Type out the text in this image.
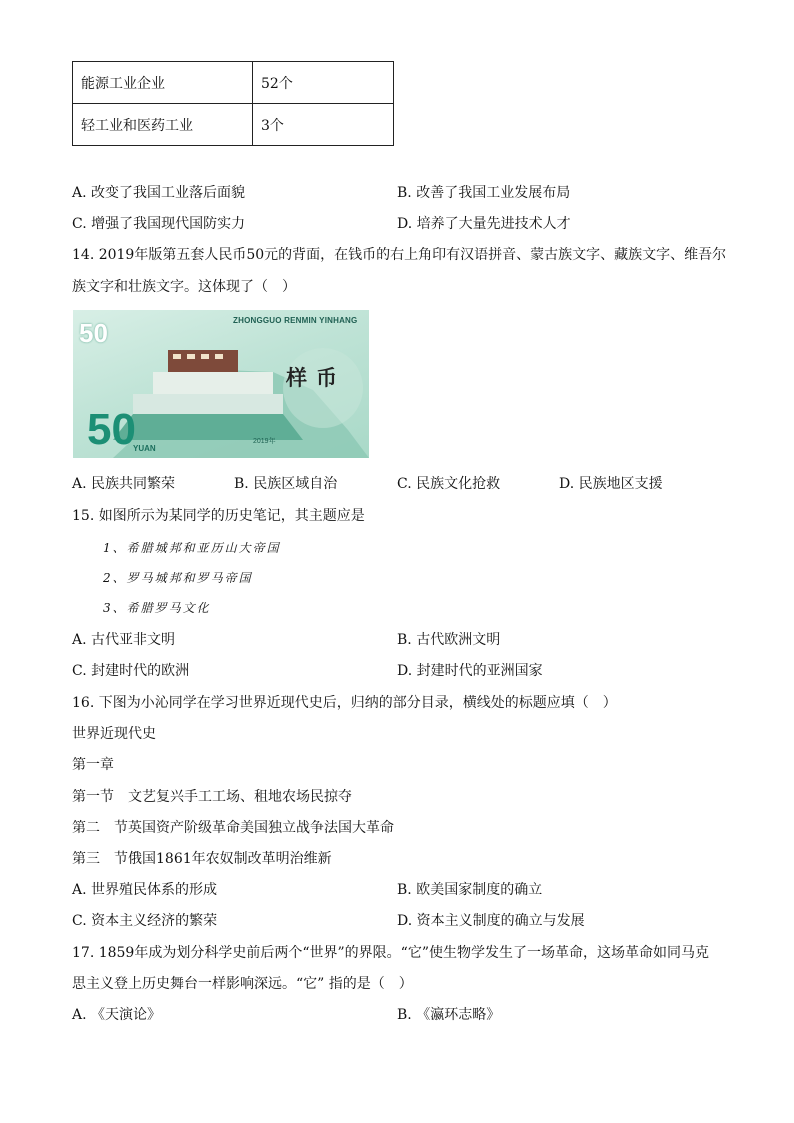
能源工业企业	52个
轻工业和医药工业	3个
A. 改变了我国工业落后面貌	B. 改善了我国工业发展布局
C. 增强了我国现代国防实力	D. 培养了大量先进技术人才
14. 2019年版第五套人民币50元的背面，在钱币的右上角印有汉语拼音、蒙古族文字、藏族文字、维吾尔
族文字和壮族文字。这体现了（　）
50	ZHONGGUO RENMIN YINHANG
样币
50
YUAN
2019年
A. 民族共同繁荣	B. 民族区域自治	C. 民族文化抢救	D. 民族地区支援
15. 如图所示为某同学的历史笔记，其主题应是
1、希腊城邦和亚历山大帝国
2、罗马城邦和罗马帝国
3、希腊罗马文化
A. 古代亚非文明	B. 古代欧洲文明
C. 封建时代的欧洲	D. 封建时代的亚洲国家
16. 下图为小沁同学在学习世界近现代史后，归纳的部分目录，横线处的标题应填（　）
世界近现代史
第一章
第一节　文艺复兴手工工场、租地农场民掠夺
第二　节英国资产阶级革命美国独立战争法国大革命
第三　节俄国1861年农奴制改革明治维新
A. 世界殖民体系的形成	B. 欧美国家制度的确立
C. 资本主义经济的繁荣	D. 资本主义制度的确立与发展
17. 1859年成为划分科学史前后两个“世界”的界限。“它”使生物学发生了一场革命，这场革命如同马克
思主义登上历史舞台一样影响深远。“它” 指的是（　）
A. 《天演论》	B. 《瀛环志略》
